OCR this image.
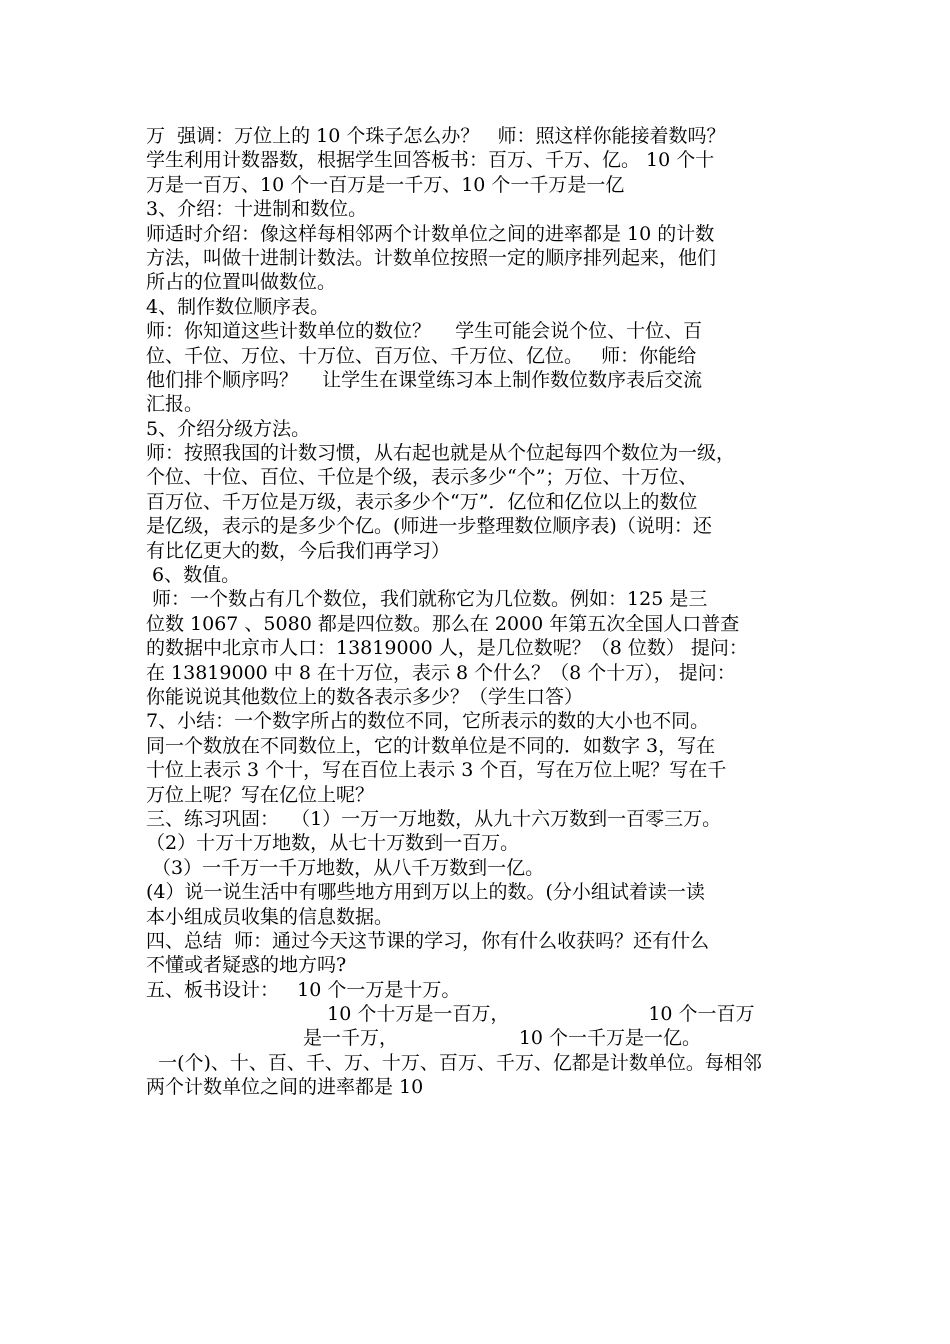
万  强调：万位上的 10 个珠子怎么办？   师：照这样你能接着数吗？
学生利用计数器数，根据学生回答板书：百万、千万、亿。 10 个十
万是一百万、10 个一百万是一千万、10 个一千万是一亿
3、介绍：十进制和数位。
师适时介绍：像这样每相邻两个计数单位之间的进率都是 10 的计数
方法，叫做十进制计数法。计数单位按照一定的顺序排列起来，他们
所占的位置叫做数位。
4、制作数位顺序表。
师：你知道这些计数单位的数位？    学生可能会说个位、十位、百
位、千位、万位、十万位、百万位、千万位、亿位。   师：你能给
他们排个顺序吗？    让学生在课堂练习本上制作数位数序表后交流
汇报。
5、介绍分级方法。
师：按照我国的计数习惯，从右起也就是从个位起每四个数位为一级，
个位、十位、百位、千位是个级，表示多少“个”；万位、十万位、
百万位、千万位是万级，表示多少个“万”．亿位和亿位以上的数位
是亿级，表示的是多少个亿。(师进一步整理数位顺序表)（说明：还
有比亿更大的数，今后我们再学习）
6、数值。
师：一个数占有几个数位，我们就称它为几位数。例如：125 是三
位数 1067 、5080 都是四位数。那么在 2000 年第五次全国人口普查
的数据中北京市人口：13819000 人，是几位数呢？（8 位数） 提问：
在 13819000 中 8 在十万位，表示 8 个什么？（8 个十万）， 提问：
你能说说其他数位上的数各表示多少？（学生口答）
7、小结：一个数字所占的数位不同，它所表示的数的大小也不同。
同一个数放在不同数位上，它的计数单位是不同的．如数字 3，写在
十位上表示 3 个十，写在百位上表示 3 个百，写在万位上呢？写在千
万位上呢？写在亿位上呢？
三、练习巩固：  （1）一万一万地数，从九十六万数到一百零三万。
（2）十万十万地数，从七十万数到一百万。
（3）一千万一千万地数，从八千万数到一亿。
(4）说一说生活中有哪些地方用到万以上的数。(分小组试着读一读
本小组成员收集的信息数据。
四、总结  师：通过今天这节课的学习，你有什么收获吗？还有什么
不懂或者疑惑的地方吗?
五、板书设计：   10 个一万是十万。
10 个十万是一百万，                       10 个一百万
是一千万，                    10 个一千万是一亿。
一(个)、十、百、千、万、十万、百万、千万、亿都是计数单位。每相邻
两个计数单位之间的进率都是 10
